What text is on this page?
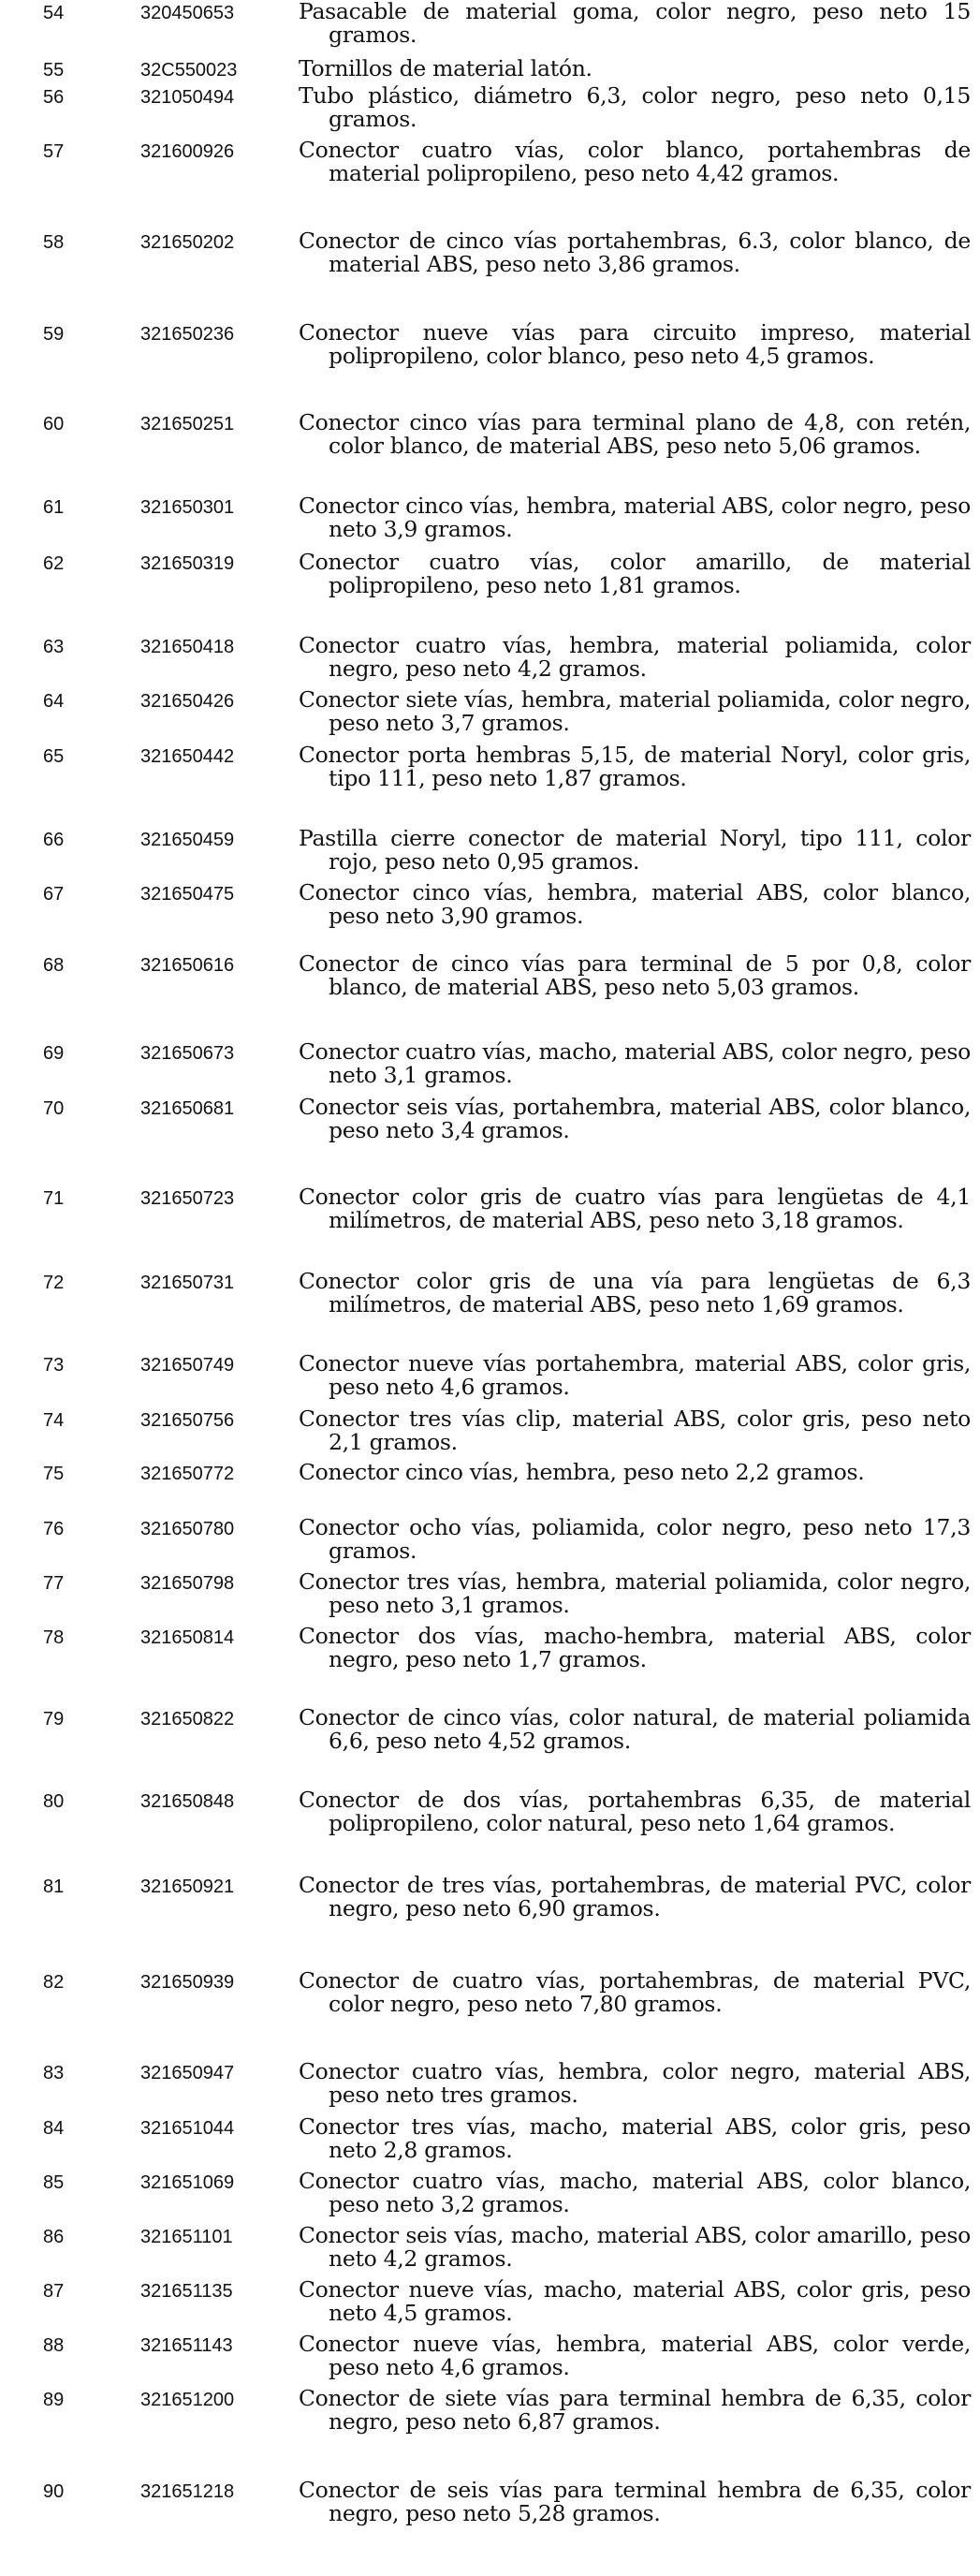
54	320450653	Pasacable de material goma, color negro, peso neto 15 gramos.
55	32C550023	Tornillos de material latón.
56	321050494	Tubo plástico, diámetro 6,3, color negro, peso neto 0,15 gramos.
57	321600926	Conector cuatro vías, color blanco, portahembras de material polipropileno, peso neto 4,42 gramos.
58	321650202	Conector de cinco vías portahembras, 6.3, color blanco, de material ABS, peso neto 3,86 gramos.
59	321650236	Conector nueve vías para circuito impreso, material polipropileno, color blanco, peso neto 4,5 gramos.
60	321650251	Conector cinco vías para terminal plano de 4,8, con retén, color blanco, de material ABS, peso neto 5,06 gramos.
61	321650301	Conector cinco vías, hembra, material ABS, color negro, peso neto 3,9 gramos.
62	321650319	Conector cuatro vías, color amarillo, de material polipropileno, peso neto 1,81 gramos.
63	321650418	Conector cuatro vías, hembra, material poliamida, color negro, peso neto 4,2 gramos.
64	321650426	Conector siete vías, hembra, material poliamida, color negro, peso neto 3,7 gramos.
65	321650442	Conector porta hembras 5,15, de material Noryl, color gris, tipo 111, peso neto 1,87 gramos.
66	321650459	Pastilla cierre conector de material Noryl, tipo 111, color rojo, peso neto 0,95 gramos.
67	321650475	Conector cinco vías, hembra, material ABS, color blanco, peso neto 3,90 gramos.
68	321650616	Conector de cinco vías para terminal de 5 por 0,8, color blanco, de material ABS, peso neto 5,03 gramos.
69	321650673	Conector cuatro vías, macho, material ABS, color negro, peso neto 3,1 gramos.
70	321650681	Conector seis vías, portahembra, material ABS, color blanco, peso neto 3,4 gramos.
71	321650723	Conector color gris de cuatro vías para lengüetas de 4,1 milímetros, de material ABS, peso neto 3,18 gramos.
72	321650731	Conector color gris de una vía para lengüetas de 6,3 milímetros, de material ABS, peso neto 1,69 gramos.
73	321650749	Conector nueve vías portahembra, material ABS, color gris, peso neto 4,6 gramos.
74	321650756	Conector tres vías clip, material ABS, color gris, peso neto 2,1 gramos.
75	321650772	Conector cinco vías, hembra, peso neto 2,2 gramos.
76	321650780	Conector ocho vías, poliamida, color negro, peso neto 17,3 gramos.
77	321650798	Conector tres vías, hembra, material poliamida, color negro, peso neto 3,1 gramos.
78	321650814	Conector dos vías, macho-hembra, material ABS, color negro, peso neto 1,7 gramos.
79	321650822	Conector de cinco vías, color natural, de material poliamida 6,6, peso neto 4,52 gramos.
80	321650848	Conector de dos vías, portahembras 6,35, de material polipropileno, color natural, peso neto 1,64 gramos.
81	321650921	Conector de tres vías, portahembras, de material PVC, color negro, peso neto 6,90 gramos.
82	321650939	Conector de cuatro vías, portahembras, de material PVC, color negro, peso neto 7,80 gramos.
83	321650947	Conector cuatro vías, hembra, color negro, material ABS, peso neto tres gramos.
84	321651044	Conector tres vías, macho, material ABS, color gris, peso neto 2,8 gramos.
85	321651069	Conector cuatro vías, macho, material ABS, color blanco, peso neto 3,2 gramos.
86	321651101	Conector seis vías, macho, material ABS, color amarillo, peso neto 4,2 gramos.
87	321651135	Conector nueve vías, macho, material ABS, color gris, peso neto 4,5 gramos.
88	321651143	Conector nueve vías, hembra, material ABS, color verde, peso neto 4,6 gramos.
89	321651200	Conector de siete vías para terminal hembra de 6,35, color negro, peso neto 6,87 gramos.
90	321651218	Conector de seis vías para terminal hembra de 6,35, color negro, peso neto 5,28 gramos.
